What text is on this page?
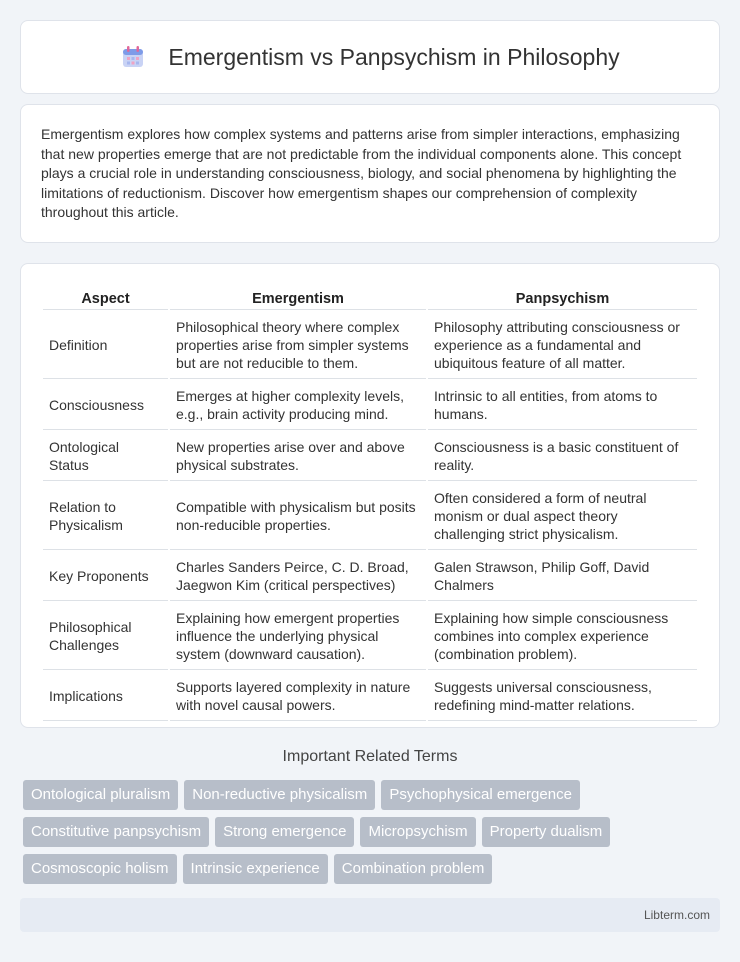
Emergentism vs Panpsychism in Philosophy

Emergentism explores how complex systems and patterns arise from simpler interactions, emphasizing that new properties emerge that are not predictable from the individual components alone. This concept plays a crucial role in understanding consciousness, biology, and social phenomena by highlighting the limitations of reductionism. Discover how emergentism shapes our comprehension of complexity throughout this article.

Aspect	Emergentism	Panpsychism
Definition	Philosophical theory where complex properties arise from simpler systems but are not reducible to them.	Philosophy attributing consciousness or experience as a fundamental and ubiquitous feature of all matter.
Consciousness	Emerges at higher complexity levels, e.g., brain activity producing mind.	Intrinsic to all entities, from atoms to humans.
Ontological Status	New properties arise over and above physical substrates.	Consciousness is a basic constituent of reality.
Relation to Physicalism	Compatible with physicalism but posits non-reducible properties.	Often considered a form of neutral monism or dual aspect theory challenging strict physicalism.
Key Proponents	Charles Sanders Peirce, C. D. Broad, Jaegwon Kim (critical perspectives)	Galen Strawson, Philip Goff, David Chalmers
Philosophical Challenges	Explaining how emergent properties influence the underlying physical system (downward causation).	Explaining how simple consciousness combines into complex experience (combination problem).
Implications	Supports layered complexity in nature with novel causal powers.	Suggests universal consciousness, redefining mind-matter relations.
Important Related Terms
Ontological pluralism	Non-reductive physicalism	Psychophysical emergence
Constitutive panpsychism	Strong emergence	Micropsychism	Property dualism
Cosmoscopic holism	Intrinsic experience	Combination problem
Libterm.com
